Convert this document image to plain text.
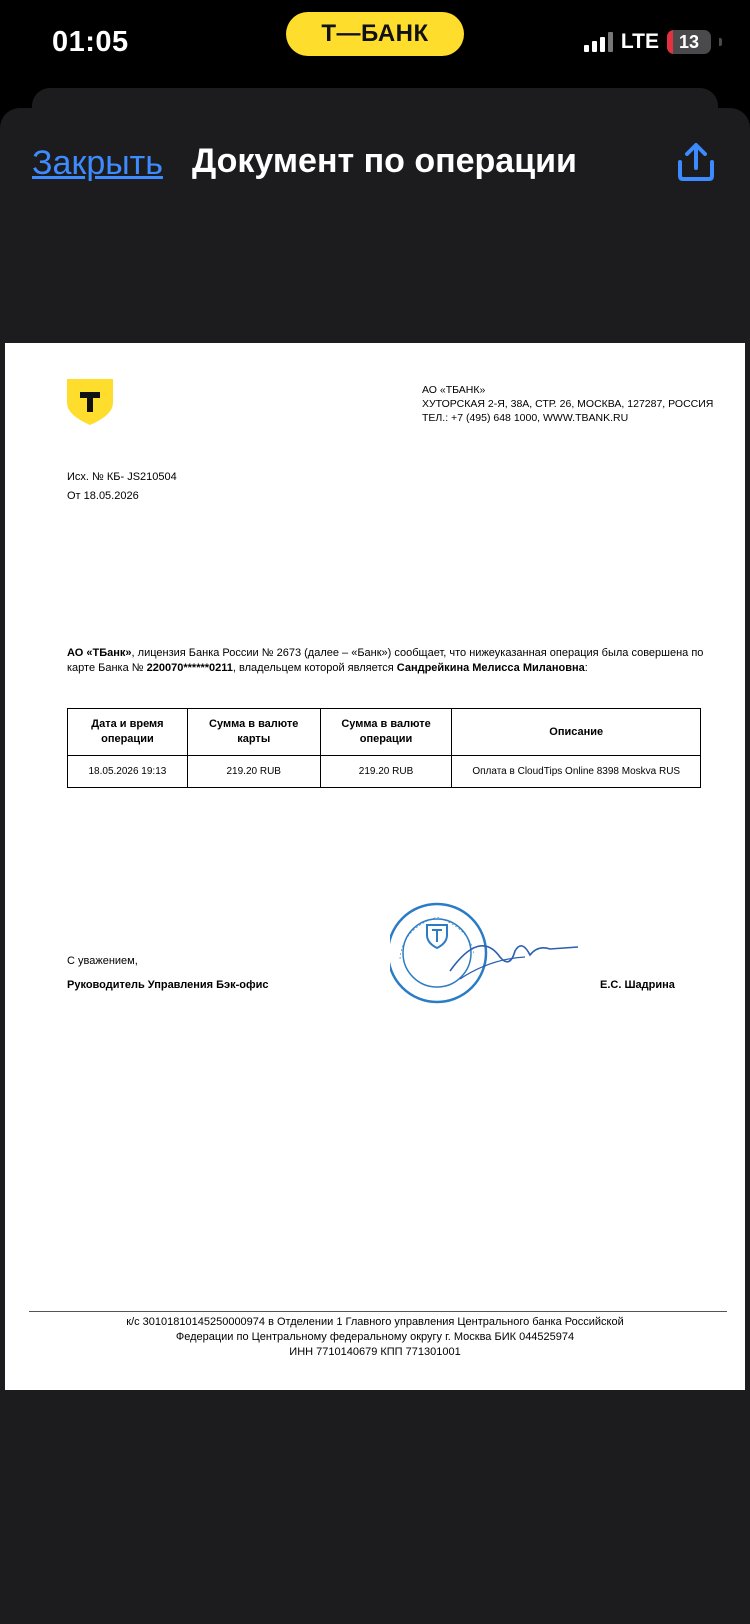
01:05	Т—БАНК	LTE 13
Закрыть Документ по операции
АО «ТБАНК»
ХУТОРСКАЯ 2-Я, 38А, СТР. 26, МОСКВА, 127287, РОССИЯ
ТЕЛ.: +7 (495) 648 1000, WWW.TBANK.RU
Исх. № КБ- JS210504
От 18.05.2026
АО «ТБанк», лицензия Банка России № 2673 (далее – «Банк») сообщает, что нижеуказанная операция была совершена по карте Банка № 220070******0211, владельцем которой является Сандрейкина Мелисса Милановна:
Дата и время операции	Сумма в валюте карты	Сумма в валюте операции	Описание
18.05.2026 19:13	219.20 RUB	219.20 RUB	Оплата в CloudTips Online 8398 Moskva RUS
С уважением,
Руководитель Управления Бэк-офис	Е.С. Шадрина
к/с 30101810145250000974 в Отделении 1 Главного управления Центрального банка Российской
Федерации по Центральному федеральному округу г. Москва БИК 044525974
ИНН 7710140679 КПП 771301001
